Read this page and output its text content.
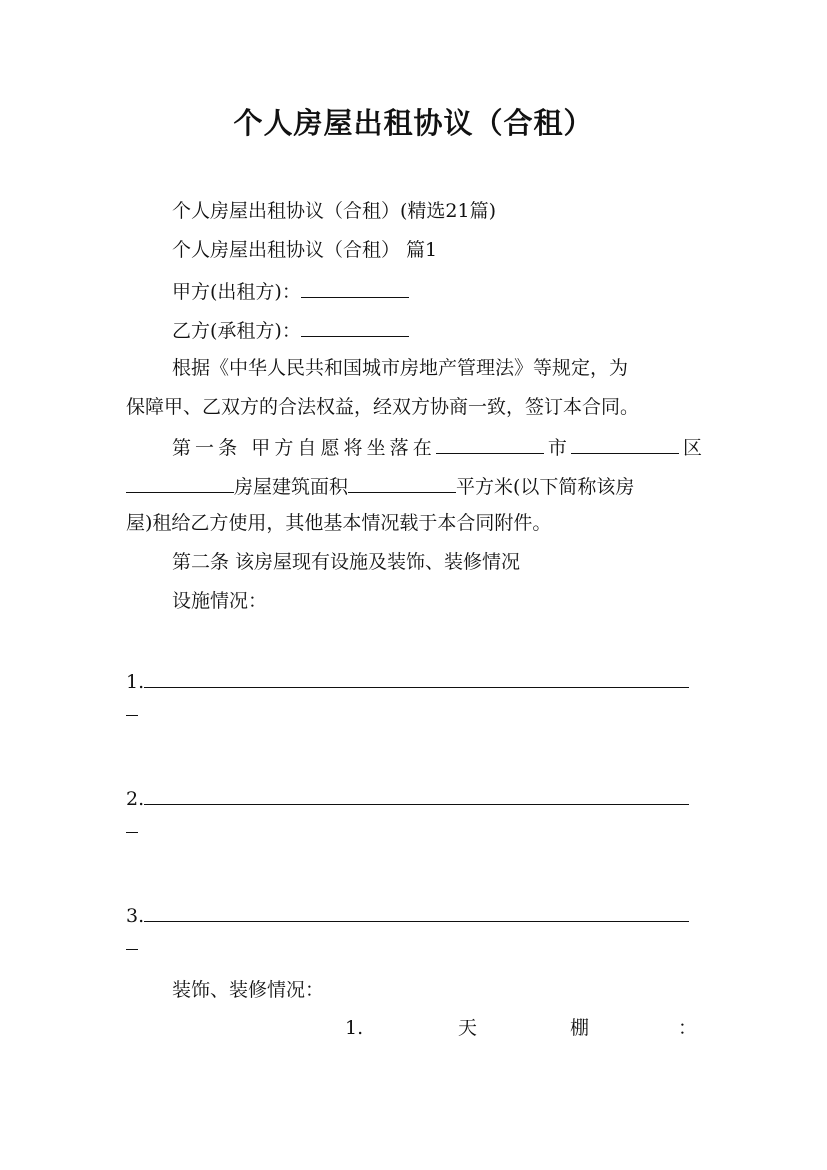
个人房屋出租协议（合租）
个人房屋出租协议（合租）(精选21篇)
个人房屋出租协议（合租） 篇1
甲方(出租方)：
乙方(承租方)：
根据《中华人民共和国城市房地产管理法》等规定，为
保障甲、乙双方的合法权益，经双方协商一致，签订本合同。
第一条 甲方自愿将坐落在	市	区
房屋建筑面积	平方米(以下简称该房
屋)租给乙方使用，其他基本情况载于本合同附件。
第二条 该房屋现有设施及装饰、装修情况
设施情况：
1.
2.
3.
装饰、装修情况：
1.	天	棚	：
